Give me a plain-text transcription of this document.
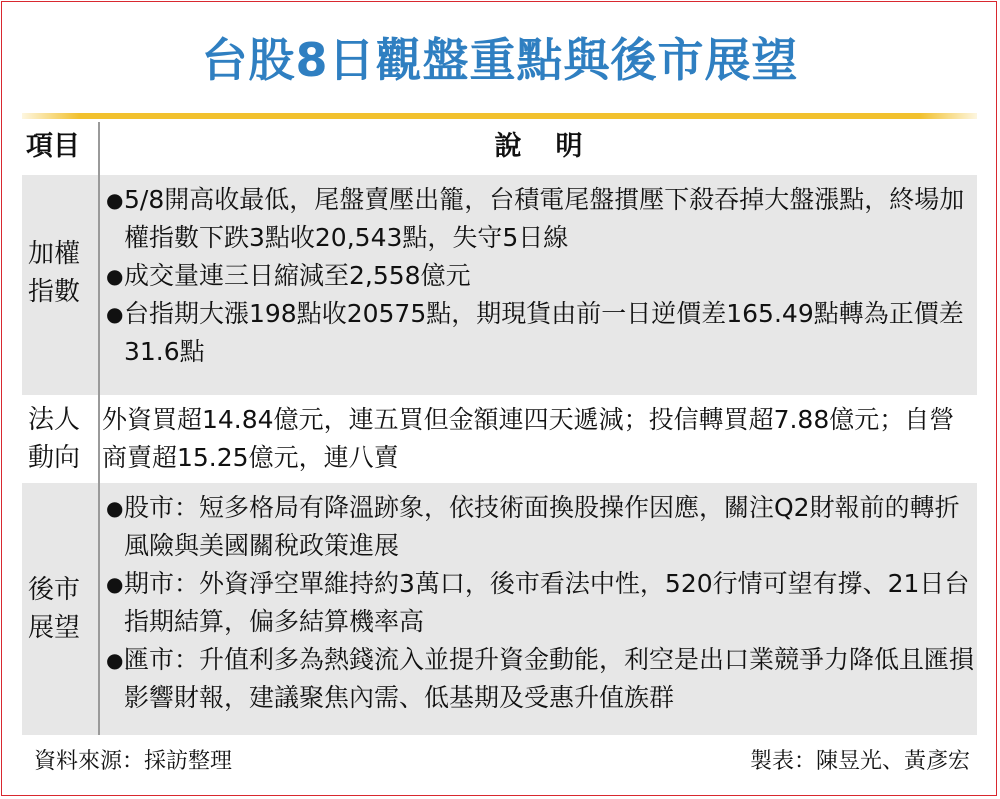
台股8日觀盤重點與後市展望
項目	說明
加權
指數
●5/8開高收最低，尾盤賣壓出籠，台積電尾盤摜壓下殺吞掉大盤漲點，終場加權指數下跌3點收20,543點，失守5日線
●成交量連三日縮減至2,558億元
●台指期大漲198點收20575點，期現貨由前一日逆價差165.49點轉為正價差31.6點
法人
動向
外資買超14.84億元，連五買但金額連四天遞減；投信轉買超7.88億元；自營商賣超15.25億元，連八賣
後市
展望
●股市：短多格局有降溫跡象，依技術面換股操作因應，關注Q2財報前的轉折風險與美國關稅政策進展
●期市：外資淨空單維持約3萬口，後市看法中性，520行情可望有撐、21日台指期結算，偏多結算機率高
●匯市：升值利多為熱錢流入並提升資金動能，利空是出口業競爭力降低且匯損影響財報，建議聚焦內需、低基期及受惠升值族群
資料來源：採訪整理	製表：陳昱光、黃彥宏
